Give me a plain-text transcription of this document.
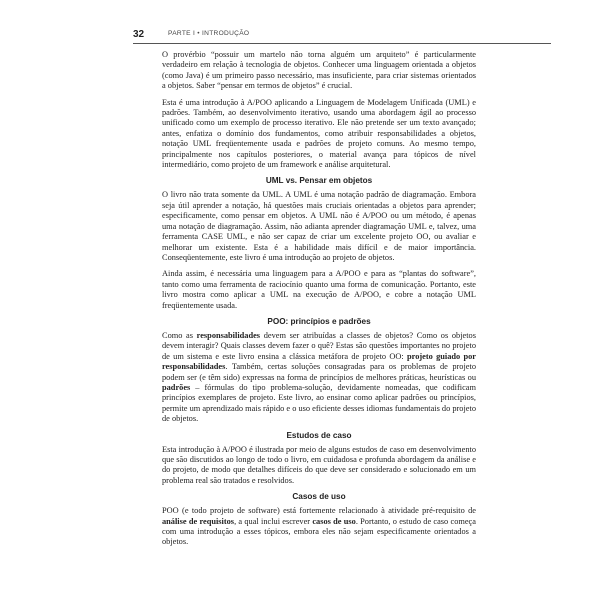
32	PARTE I • INTRODUÇÃO

O provérbio “possuir um martelo não torna alguém um arquiteto” é particularmente verdadeiro em relação à tecnologia de objetos. Conhecer uma linguagem orientada a objetos (como Java) é um primeiro passo necessário, mas insuficiente, para criar sistemas orientados a objetos. Saber “pensar em termos de objetos” é crucial.

Esta é uma introdução à A/POO aplicando a Linguagem de Modelagem Unificada (UML) e padrões. Também, ao desenvolvimento iterativo, usando uma abordagem ágil ao processo unificado como um exemplo de processo iterativo. Ele não pretende ser um texto avançado; antes, enfatiza o domínio dos fundamentos, como atribuir responsabilidades a objetos, notação UML freqüentemente usada e padrões de projeto comuns. Ao mesmo tempo, principalmente nos capítulos posteriores, o material avança para tópicos de nível intermediário, como projeto de um framework e análise arquitetural.

UML vs. Pensar em objetos

O livro não trata somente da UML. A UML é uma notação padrão de diagramação. Embora seja útil aprender a notação, há questões mais cruciais orientadas a objetos para aprender; especificamente, como pensar em objetos. A UML não é A/POO ou um método, é apenas uma notação de diagramação. Assim, não adianta aprender diagramação UML e, talvez, uma ferramenta CASE UML, e não ser capaz de criar um excelente projeto OO, ou avaliar e melhorar um existente. Esta é a habilidade mais difícil e de maior importância. Conseqüentemente, este livro é uma introdução ao projeto de objetos.

Ainda assim, é necessária uma linguagem para a A/POO e para as “plantas do software”, tanto como uma ferramenta de raciocínio quanto uma forma de comunicação. Portanto, este livro mostra como aplicar a UML na execução de A/POO, e cobre a notação UML freqüentemente usada.

POO: princípios e padrões

Como as responsabilidades devem ser atribuídas a classes de objetos? Como os objetos devem interagir? Quais classes devem fazer o quê? Estas são questões importantes no projeto de um sistema e este livro ensina a clássica metáfora de projeto OO: projeto guiado por responsabilidades. Também, certas soluções consagradas para os problemas de projeto podem ser (e têm sido) expressas na forma de princípios de melhores práticas, heurísticas ou padrões – fórmulas do tipo problema-solução, devidamente nomeadas, que codificam princípios exemplares de projeto. Este livro, ao ensinar como aplicar padrões ou princípios, permite um aprendizado mais rápido e o uso eficiente desses idiomas fundamentais do projeto de objetos.

Estudos de caso

Esta introdução à A/POO é ilustrada por meio de alguns estudos de caso em desenvolvimento que são discutidos ao longo de todo o livro, em cuidadosa e profunda abordagem da análise e do projeto, de modo que detalhes difíceis do que deve ser considerado e solucionado em um problema real são tratados e resolvidos.

Casos de uso

POO (e todo projeto de software) está fortemente relacionado à atividade pré-requisito de análise de requisitos, a qual inclui escrever casos de uso. Portanto, o estudo de caso começa com uma introdução a esses tópicos, embora eles não sejam especificamente orientados a objetos.
